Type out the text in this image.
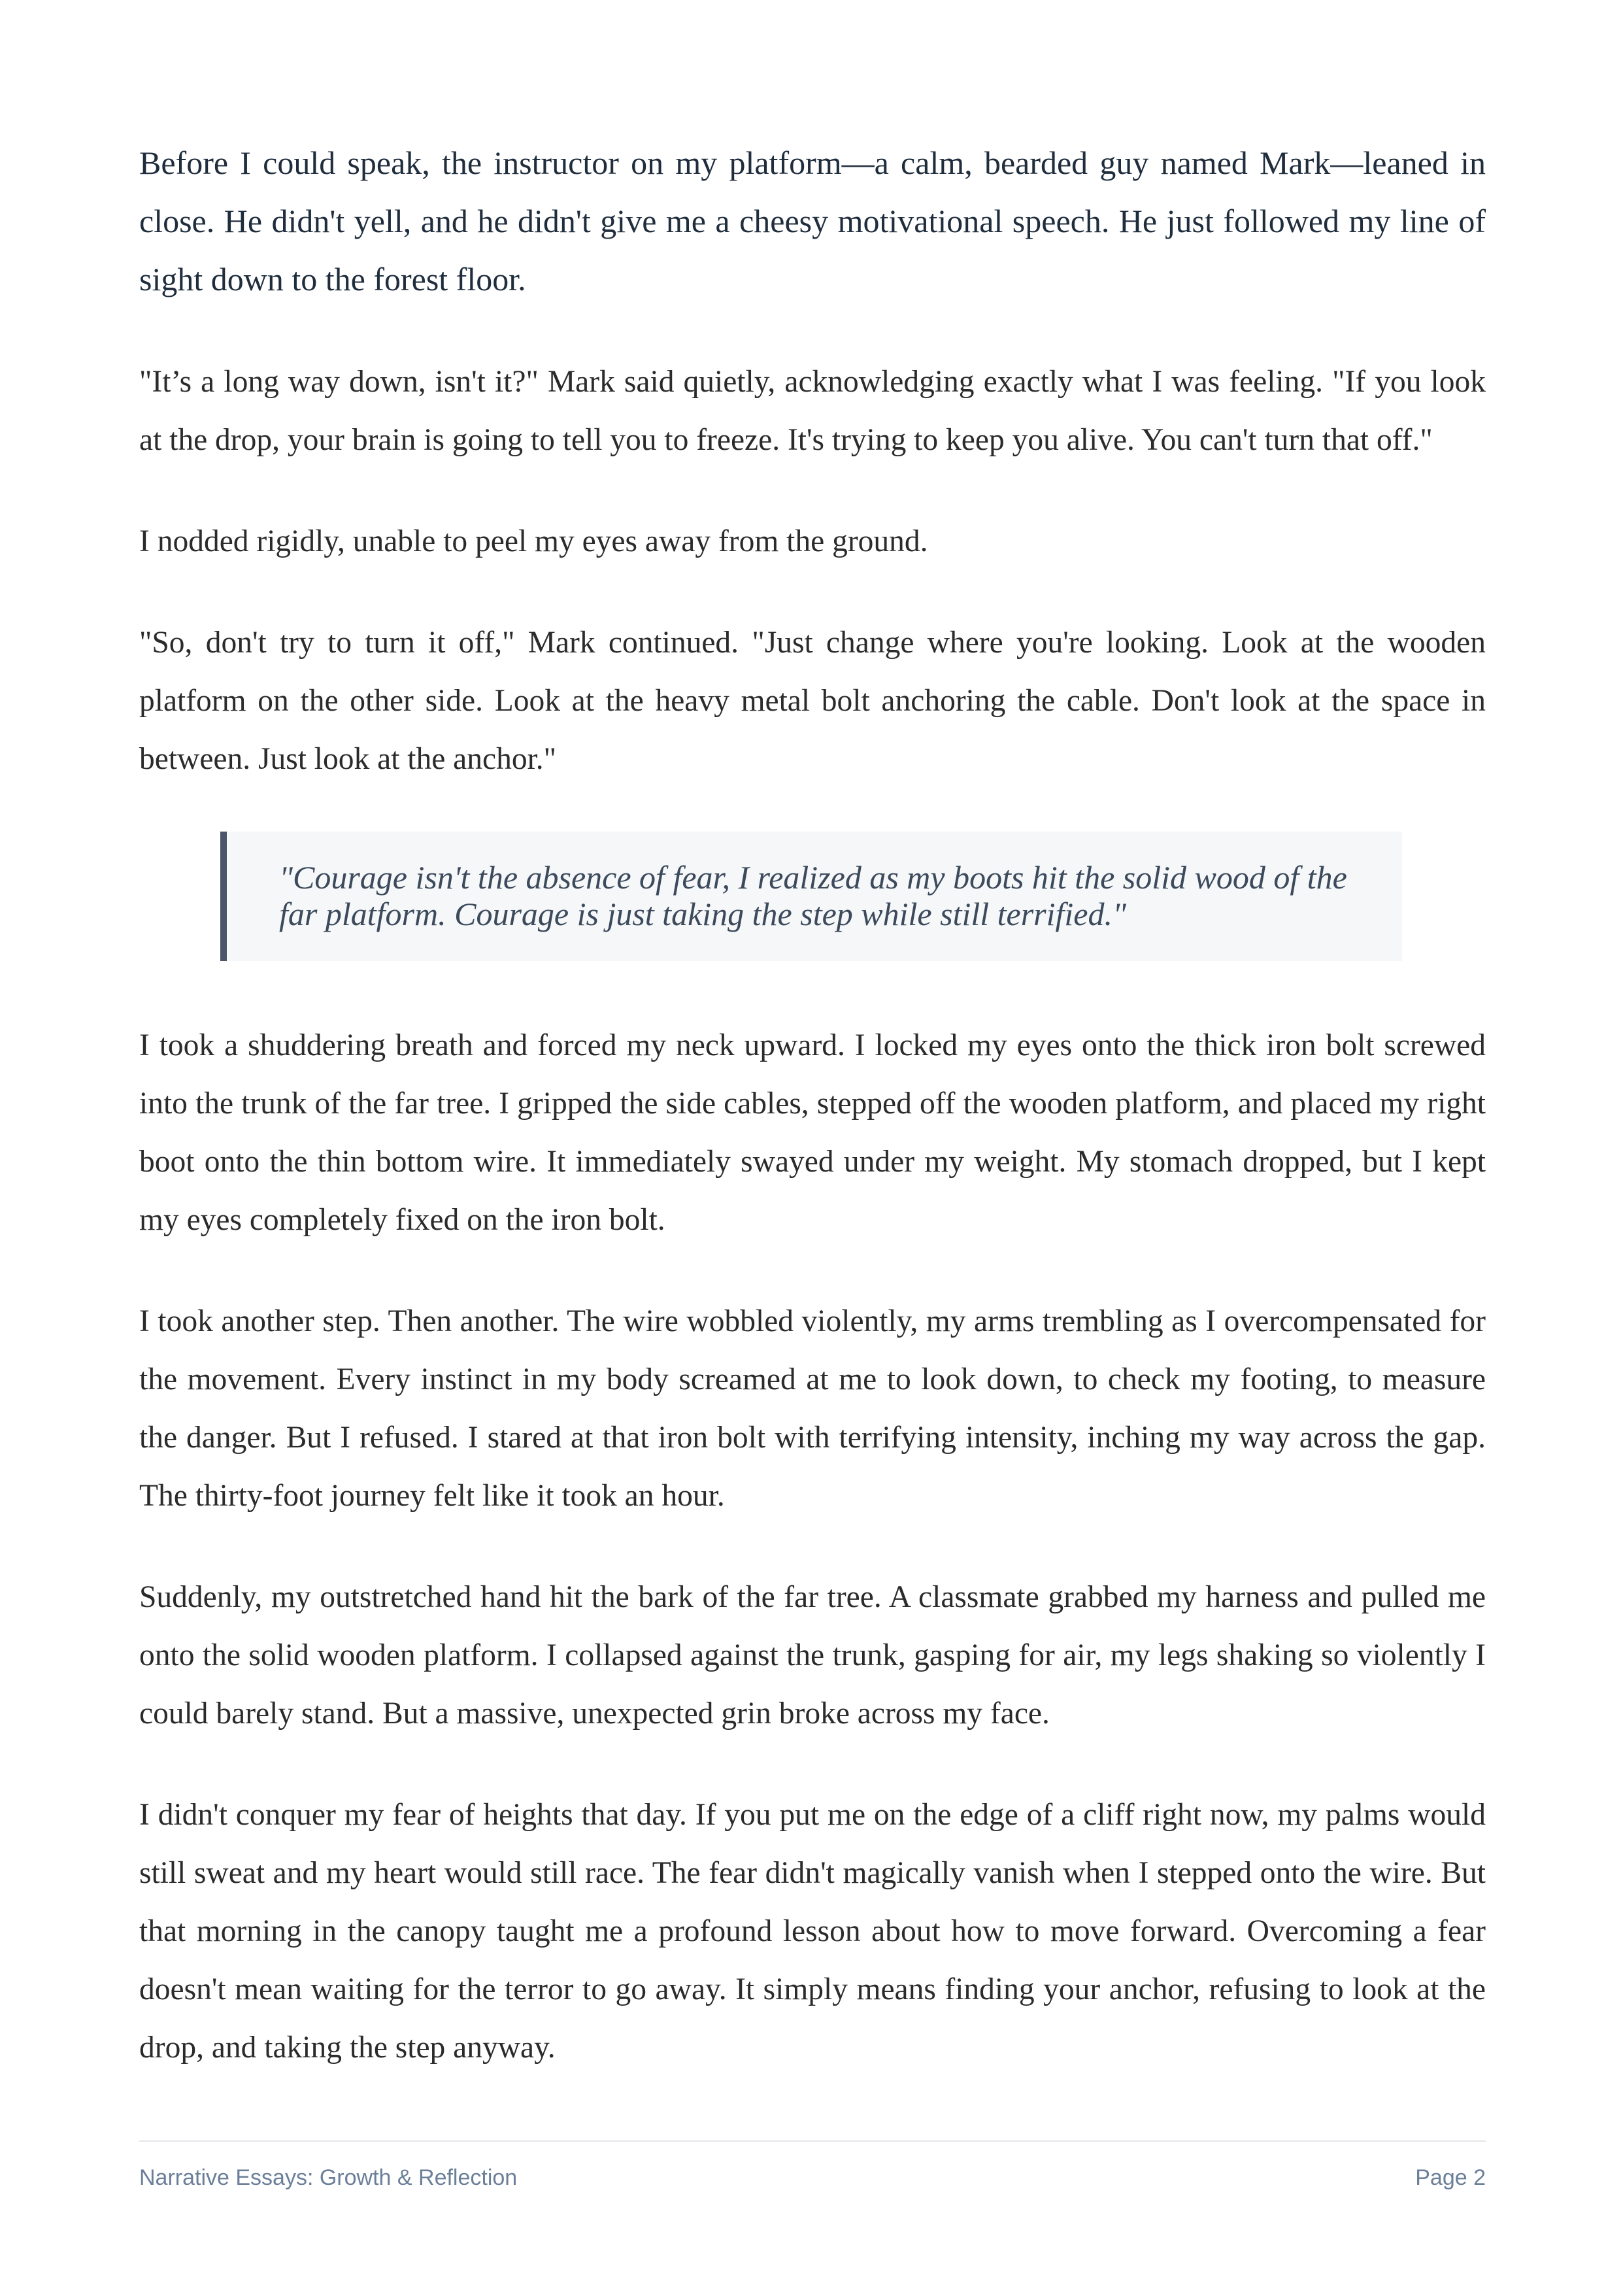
Before I could speak, the instructor on my platform—a calm, bearded guy named Mark—leaned in close. He didn't yell, and he didn't give me a cheesy motivational speech. He just followed my line of sight down to the forest floor.

"It’s a long way down, isn't it?" Mark said quietly, acknowledging exactly what I was feeling. "If you look at the drop, your brain is going to tell you to freeze. It's trying to keep you alive. You can't turn that off."

I nodded rigidly, unable to peel my eyes away from the ground.

"So, don't try to turn it off," Mark continued. "Just change where you're looking. Look at the wooden platform on the other side. Look at the heavy metal bolt anchoring the cable. Don't look at the space in between. Just look at the anchor."

"Courage isn't the absence of fear, I realized as my boots hit the solid wood of the far platform. Courage is just taking the step while still terrified."

I took a shuddering breath and forced my neck upward. I locked my eyes onto the thick iron bolt screwed into the trunk of the far tree. I gripped the side cables, stepped off the wooden platform, and placed my right boot onto the thin bottom wire. It immediately swayed under my weight. My stomach dropped, but I kept my eyes completely fixed on the iron bolt.

I took another step. Then another. The wire wobbled violently, my arms trembling as I overcompensated for the movement. Every instinct in my body screamed at me to look down, to check my footing, to measure the danger. But I refused. I stared at that iron bolt with terrifying intensity, inching my way across the gap. The thirty-foot journey felt like it took an hour.

Suddenly, my outstretched hand hit the bark of the far tree. A classmate grabbed my harness and pulled me onto the solid wooden platform. I collapsed against the trunk, gasping for air, my legs shaking so violently I could barely stand. But a massive, unexpected grin broke across my face.

I didn't conquer my fear of heights that day. If you put me on the edge of a cliff right now, my palms would still sweat and my heart would still race. The fear didn't magically vanish when I stepped onto the wire. But that morning in the canopy taught me a profound lesson about how to move forward. Overcoming a fear doesn't mean waiting for the terror to go away. It simply means finding your anchor, refusing to look at the drop, and taking the step anyway.

Narrative Essays: Growth & Reflection	Page 2
